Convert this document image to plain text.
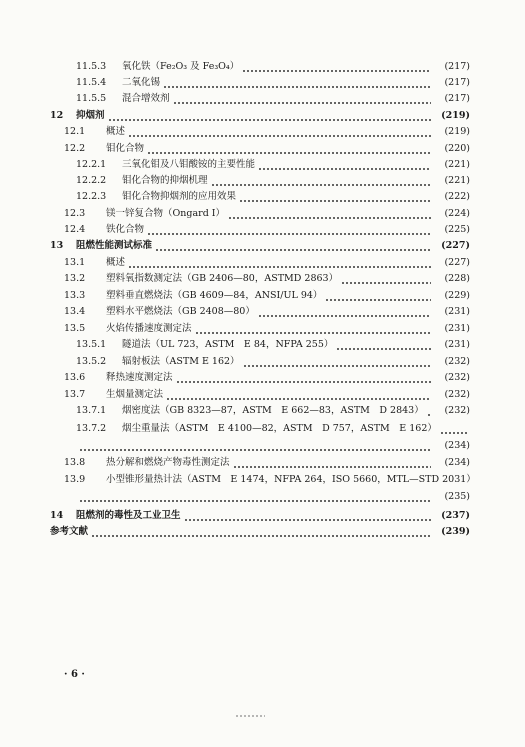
11.5.3	氧化铁（Fe₂O₃ 及 Fe₃O₄）	(217)
11.5.4	二氧化锡	(217)
11.5.5	混合增效剂	(217)
12	抑烟剂	(219)
12.1	概述	(219)
12.2	钼化合物	(220)
12.2.1	三氧化钼及八钼酸铵的主要性能	(221)
12.2.2	钼化合物的抑烟机理	(221)
12.2.3	钼化合物抑烟剂的应用效果	(222)
12.3	镁一锌复合物（Ongard Ⅰ）	(224)
12.4	铁化合物	(225)
13	阻燃性能测试标准	(227)
13.1	概述	(227)
13.2	塑料氧指数测定法（GB 2406—80，ASTMD 2863）	(228)
13.3	塑料垂直燃烧法（GB 4609—84，ANSI/UL 94）	(229)
13.4	塑料水平燃烧法（GB 2408—80）	(231)
13.5	火焰传播速度测定法	(231)
13.5.1	隧道法（UL 723，ASTM　E 84，NFPA 255）	(231)
13.5.2	辐射板法（ASTM E 162）	(232)
13.6	释热速度测定法	(232)
13.7	生烟量测定法	(232)
13.7.1	烟密度法（GB 8323—87，ASTM　E 662—83，ASTM　D 2843）	(232)
13.7.2	烟尘重量法（ASTM　E 4100—82，ASTM　D 757，ASTM　E 162）
(234)
13.8	热分解和燃烧产物毒性测定法	(234)
13.9	小型锥形量热计法（ASTM　E 1474，NFPA 264，ISO 5660，MTL—STD 2031）
(235)
14	阻燃剂的毒性及工业卫生	(237)
参考文献	(239)
· 6 ·
